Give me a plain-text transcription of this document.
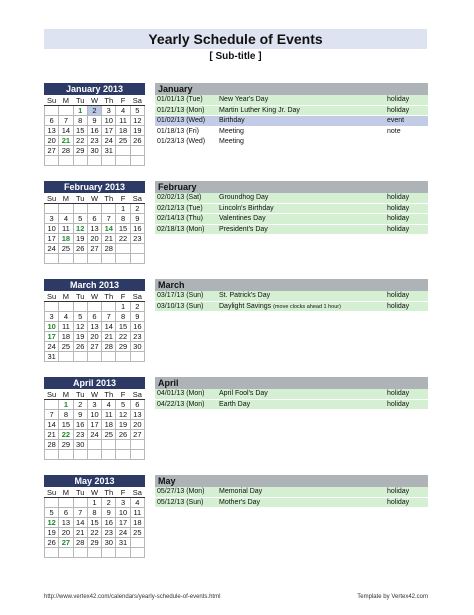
Yearly Schedule of Events
[ Sub-title ]
January 2013
Su	M	Tu	W	Th	F	Sa
		1	2	3	4	5
6	7	8	9	10	11	12
13	14	15	16	17	18	19
20	21	22	23	24	25	26
27	28	29	30	31		

January
01/01/13 (Tue)	New Year's Day	holiday
01/21/13 (Mon)	Martin Luther King Jr. Day	holiday
01/02/13 (Wed)	Birthday	event
01/18/13 (Fri)	Meeting	note
01/23/13 (Wed)	Meeting
February 2013
Su	M	Tu	W	Th	F	Sa
					1	2
3	4	5	6	7	8	9
10	11	12	13	14	15	16
17	18	19	20	21	22	23
24	25	26	27	28		

February
02/02/13 (Sat)	Groundhog Day	holiday
02/12/13 (Tue)	Lincoln's Birthday	holiday
02/14/13 (Thu)	Valentines Day	holiday
02/18/13 (Mon)	President's Day	holiday
March 2013
Su	M	Tu	W	Th	F	Sa
					1	2
3	4	5	6	7	8	9
10	11	12	13	14	15	16
17	18	19	20	21	22	23
24	25	26	27	28	29	30
31						
March
03/17/13 (Sun)	St. Patrick's Day	holiday
03/10/13 (Sun)	Daylight Savings (move clocks ahead 1 hour)	holiday
April 2013
Su	M	Tu	W	Th	F	Sa
	1	2	3	4	5	6
7	8	9	10	11	12	13
14	15	16	17	18	19	20
21	22	23	24	25	26	27
28	29	30				

April
04/01/13 (Mon)	April Fool's Day	holiday
04/22/13 (Mon)	Earth Day	holiday
May 2013
Su	M	Tu	W	Th	F	Sa
			1	2	3	4
5	6	7	8	9	10	11
12	13	14	15	16	17	18
19	20	21	22	23	24	25
26	27	28	29	30	31	

May
05/27/13 (Mon)	Memorial Day	holiday
05/12/13 (Sun)	Mother's Day	holiday
http://www.vertex42.com/calendars/yearly-schedule-of-events.html	Template by Vertex42.com
